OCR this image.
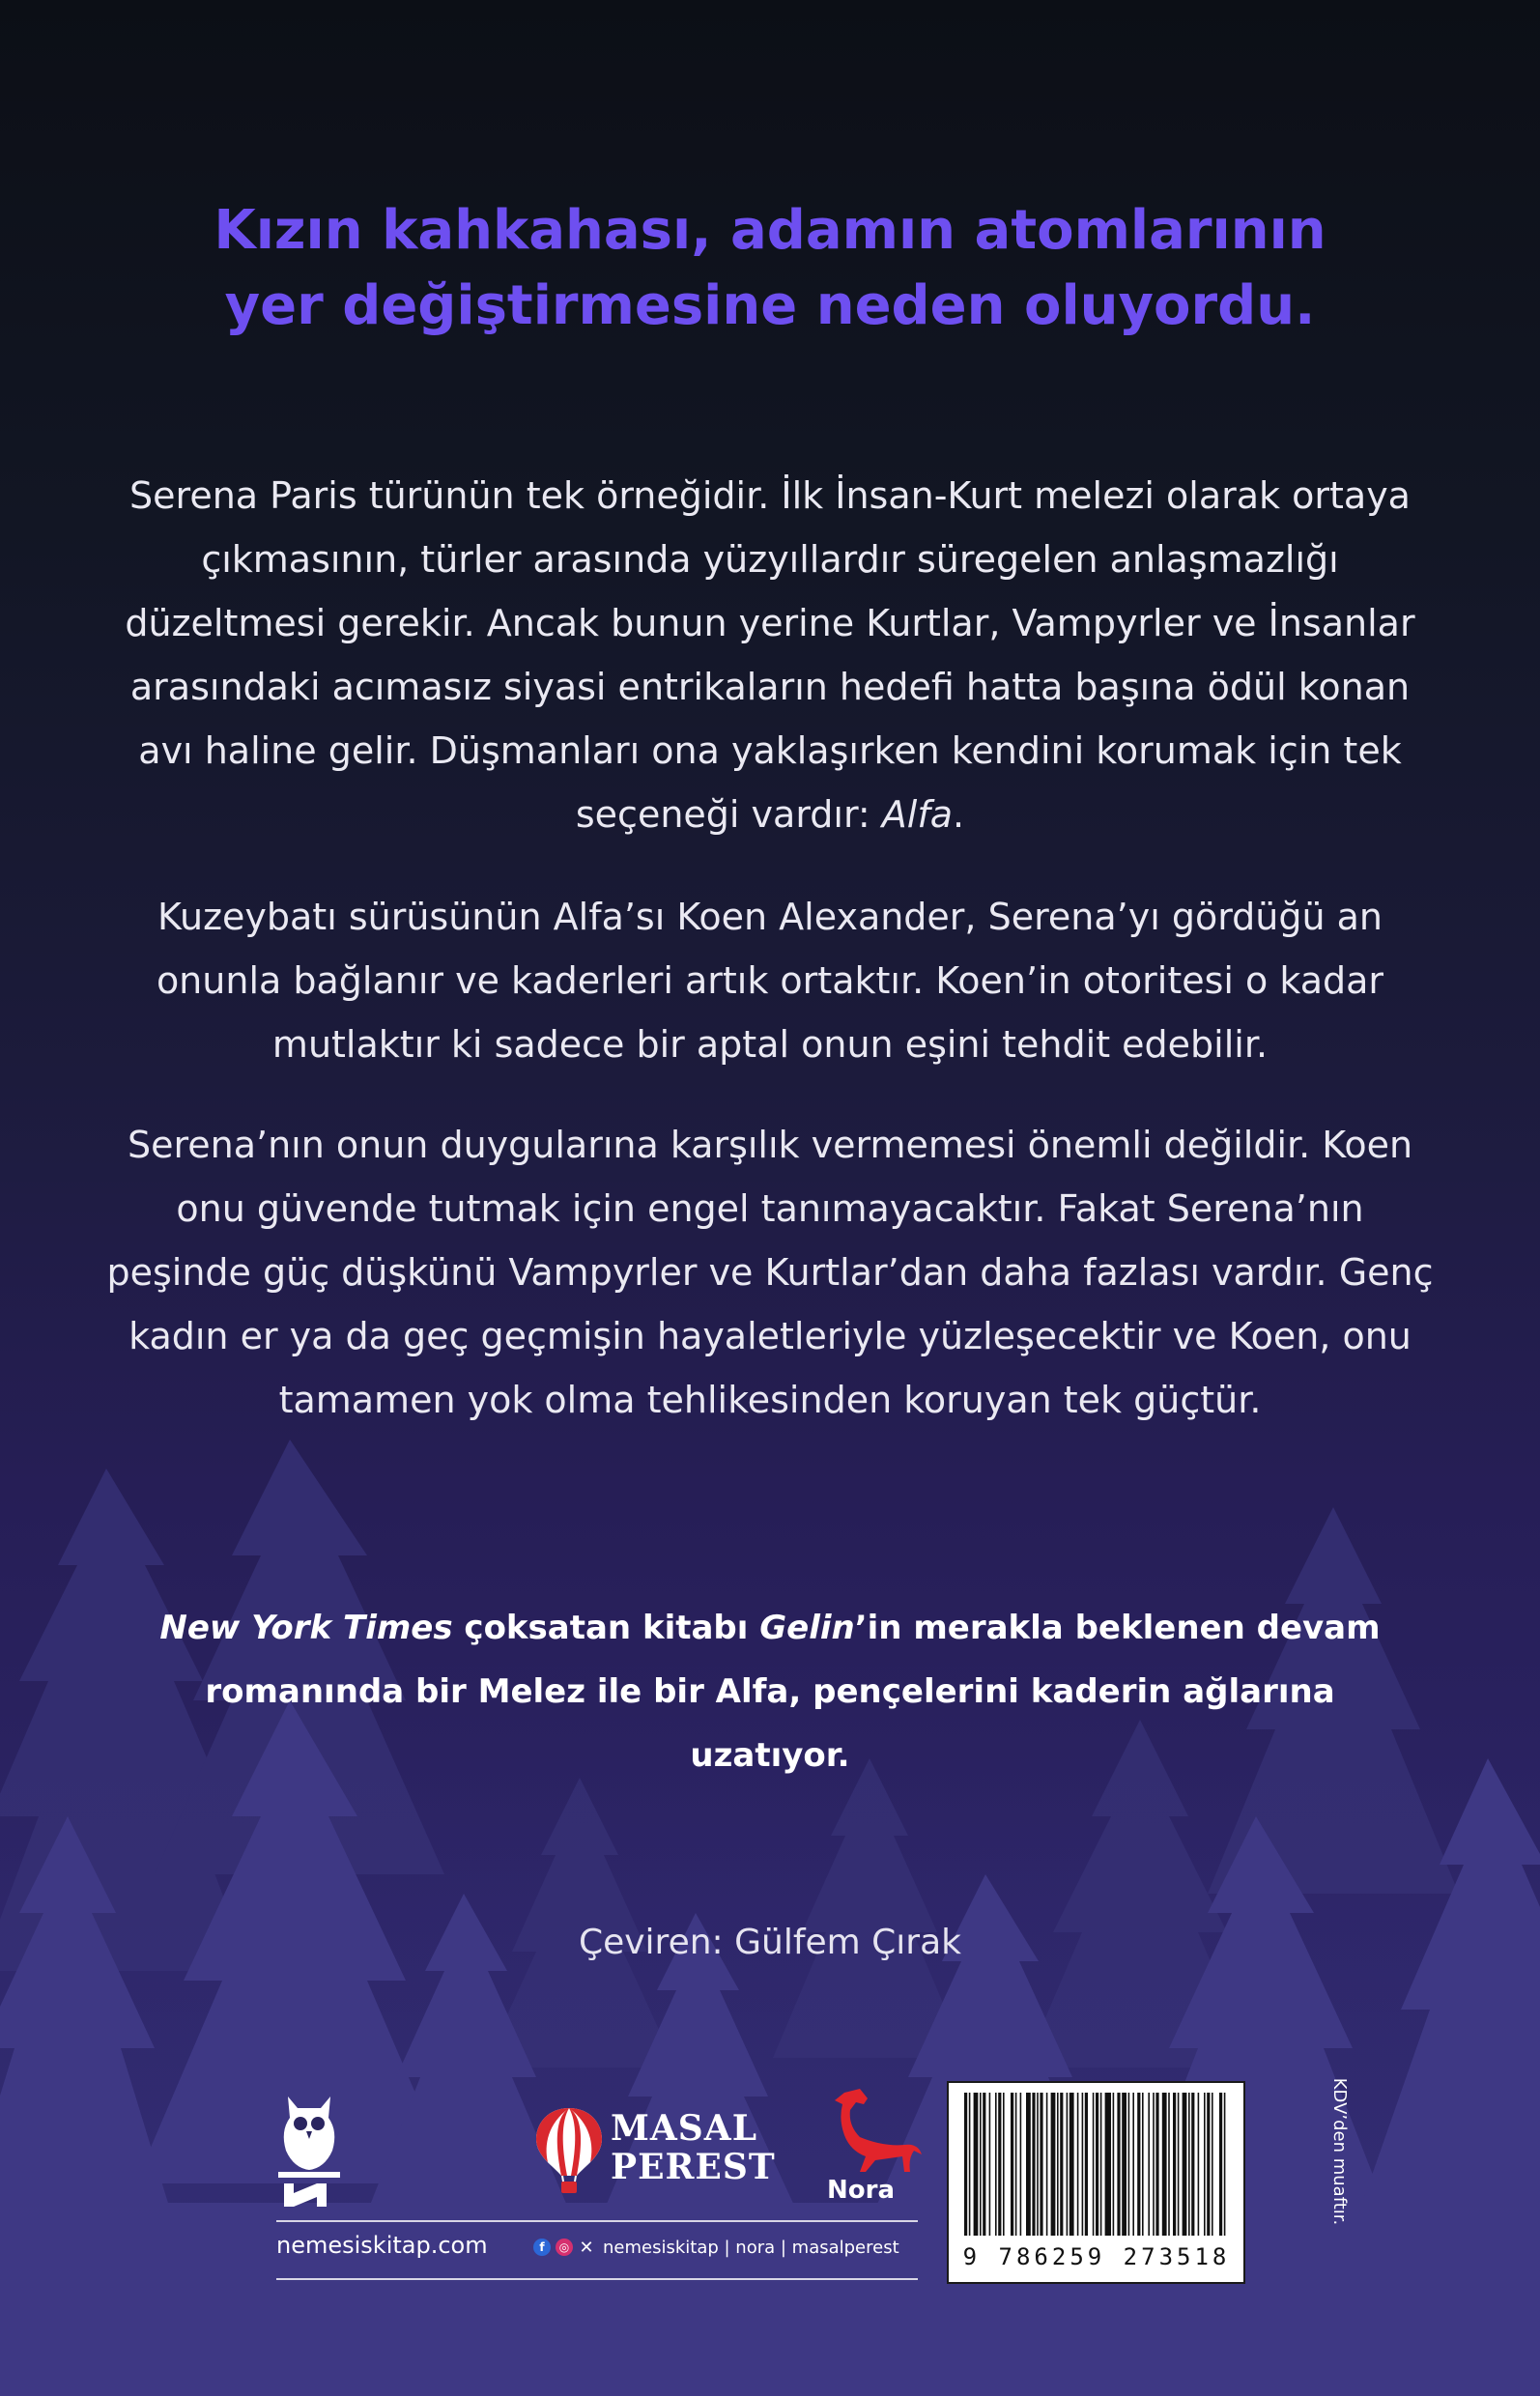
Kızın kahkahası, adamın atomlarının
yer değiştirmesine neden oluyordu.

Serena Paris türünün tek örneğidir. İlk İnsan-Kurt melezi olarak ortaya çıkmasının, türler arasında yüzyıllardır süregelen anlaşmazlığı düzeltmesi gerekir. Ancak bunun yerine Kurtlar, Vampyrler ve İnsanlar arasındaki acımasız siyasi entrikaların hedefi hatta başına ödül konan avı haline gelir. Düşmanları ona yaklaşırken kendini korumak için tek seçeneği vardır: Alfa.

Kuzeybatı sürüsünün Alfa’sı Koen Alexander, Serena’yı gördüğü an onunla bağlanır ve kaderleri artık ortaktır. Koen’in otoritesi o kadar mutlaktır ki sadece bir aptal onun eşini tehdit edebilir.

Serena’nın onun duygularına karşılık vermemesi önemli değildir. Koen onu güvende tutmak için engel tanımayacaktır. Fakat Serena’nın peşinde güç düşkünü Vampyrler ve Kurtlar’dan daha fazlası vardır. Genç kadın er ya da geç geçmişin hayaletleriyle yüzleşecektir ve Koen, onu tamamen yok olma tehlikesinden koruyan tek güçtür.

New York Times çoksatan kitabı Gelin’in merakla beklenen devam romanında bir Melez ile bir Alfa, pençelerini kaderin ağlarına uzatıyor.

Çeviren: Gülfem Çırak

MASAL
PEREST
Nora
nemesiskitap.com	f	◎ ✕ nemesiskitap | nora | masalperest	9 786259 273518
KDV’den muaftır.
